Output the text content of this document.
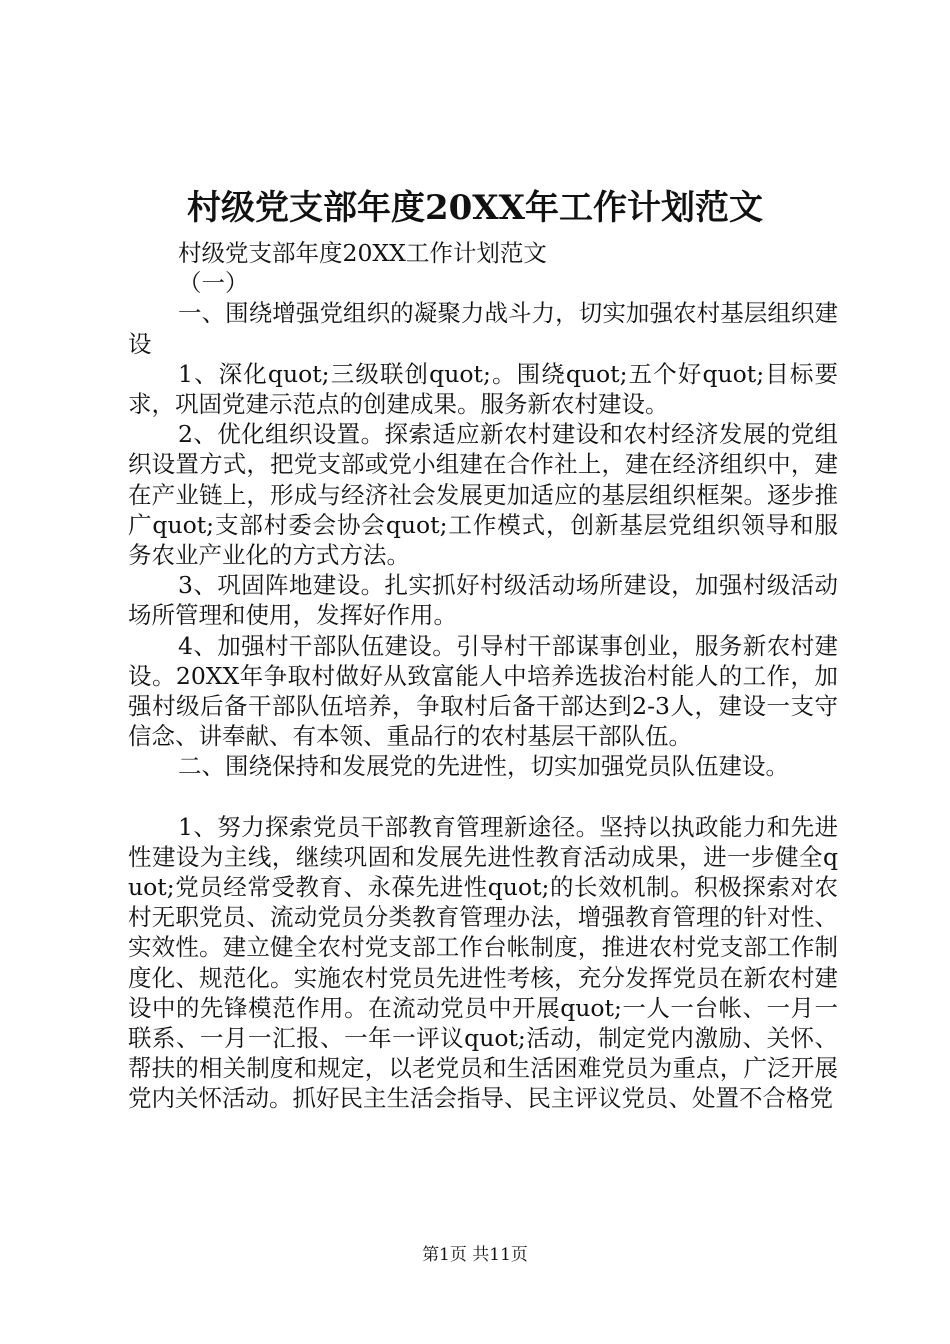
村级党支部年度20XX年工作计划范文

村级党支部年度20XX工作计划范文

（一）

一、围绕增强党组织的凝聚力战斗力，切实加强农村基层组织建设

1、深化quot;三级联创quot;。围绕quot;五个好quot;目标要求，巩固党建示范点的创建成果。服务新农村建设。

2、优化组织设置。探索适应新农村建设和农村经济发展的党组织设置方式，把党支部或党小组建在合作社上，建在经济组织中，建在产业链上，形成与经济社会发展更加适应的基层组织框架。逐步推广quot;支部村委会协会quot;工作模式，创新基层党组织领导和服务农业产业化的方式方法。

3、巩固阵地建设。扎实抓好村级活动场所建设，加强村级活动场所管理和使用，发挥好作用。

4、加强村干部队伍建设。引导村干部谋事创业，服务新农村建设。20XX年争取村做好从致富能人中培养选拔治村能人的工作，加强村级后备干部队伍培养，争取村后备干部达到2-3人，建设一支守信念、讲奉献、有本领、重品行的农村基层干部队伍。

二、围绕保持和发展党的先进性，切实加强党员队伍建设。

1、努力探索党员干部教育管理新途径。坚持以执政能力和先进性建设为主线，继续巩固和发展先进性教育活动成果，进一步健全quot;党员经常受教育、永葆先进性quot;的长效机制。积极探索对农村无职党员、流动党员分类教育管理办法，增强教育管理的针对性、实效性。建立健全农村党支部工作台帐制度，推进农村党支部工作制度化、规范化。实施农村党员先进性考核，充分发挥党员在新农村建设中的先锋模范作用。在流动党员中开展quot;一人一台帐、一月一联系、一月一汇报、一年一评议quot;活动，制定党内激励、关怀、帮扶的相关制度和规定，以老党员和生活困难党员为重点，广泛开展党内关怀活动。抓好民主生活会指导、民主评议党员、处置不合格党

第1页 共11页
